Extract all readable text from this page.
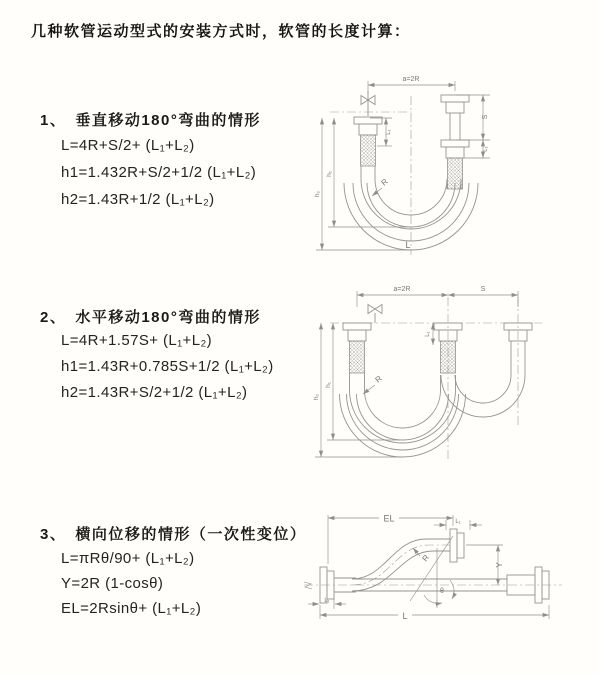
几种软管运动型式的安装方式时，软管的长度计算：
1、 垂直移动180°弯曲的情形
L=4R+S/2+ (L₁+L₂)
h1=1.432R+S/2+1/2 (L₁+L₂)
h2=1.43R+1/2 (L₁+L₂)
2、 水平移动180°弯曲的情形
L=4R+1.57S+ (L₁+L₂)
h1=1.43R+0.785S+1/2 (L₁+L₂)
h2=1.43R+S/2+1/2 (L₁+L₂)
3、 横向位移的情形（一次性变位）
L=πRθ/90+ (L₁+L₂)
Y=2R (1-cosθ)
EL=2Rsinθ+ (L₁+L₂)
a=2R
h₁
h₂
L₁
S
L₁
R
L
a=2R	S
h₁
h₂
L₁
R
EL	L₁
Y
R
θ
L
L₁
